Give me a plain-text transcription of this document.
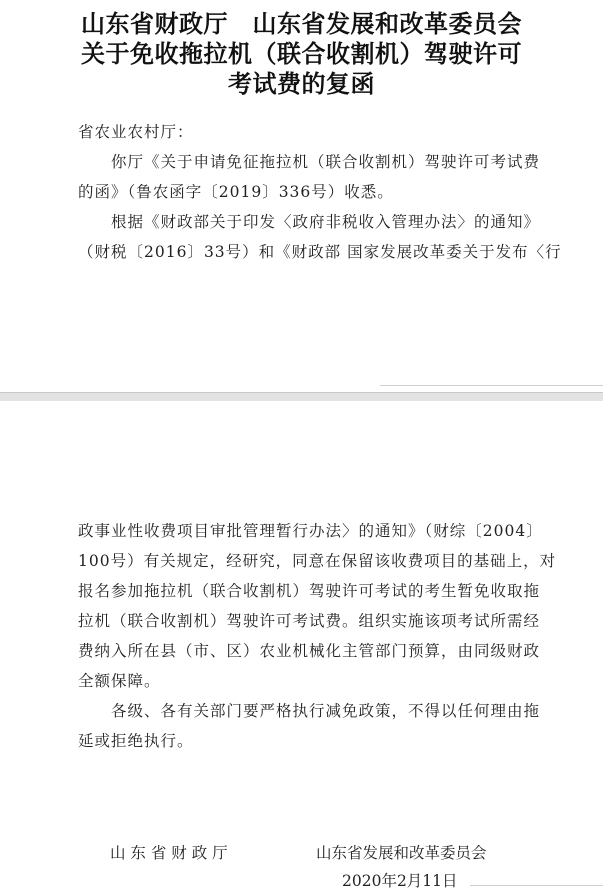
山东省财政厅　山东省发展和改革委员会
关于免收拖拉机（联合收割机）驾驶许可
考试费的复函
省农业农村厅：
　　你厅《关于申请免征拖拉机（联合收割机）驾驶许可考试费
的函》（鲁农函字〔2019〕336号）收悉。
　　根据《财政部关于印发〈政府非税收入管理办法〉的通知》
（财税〔2016〕33号）和《财政部 国家发展改革委关于发布〈行
政事业性收费项目审批管理暂行办法〉的通知》（财综〔2004〕
100号）有关规定，经研究，同意在保留该收费项目的基础上，对
报名参加拖拉机（联合收割机）驾驶许可考试的考生暂免收取拖
拉机（联合收割机）驾驶许可考试费。组织实施该项考试所需经
费纳入所在县（市、区）农业机械化主管部门预算，由同级财政
全额保障。
　　各级、各有关部门要严格执行减免政策，不得以任何理由拖
延或拒绝执行。
山 东 省 财 政 厅	山东省发展和改革委员会
2020年2月11日
